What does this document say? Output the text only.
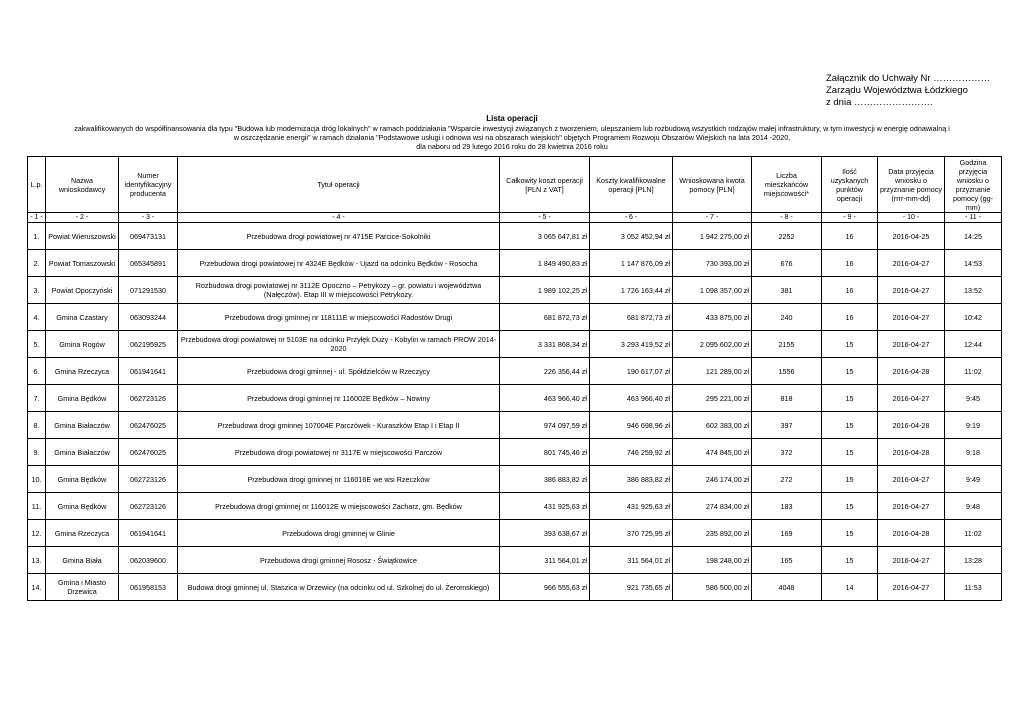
Załącznik do Uchwały Nr ………………
Zarządu Województwa Łódzkiego
z dnia …………………….
Lista operacji
zakwalifikowanych do współfinansowania dla typu "Budowa lub modernizacja dróg lokalnych" w ramach poddziałania "Wsparcie inwestycji związanych z tworzeniem, ulepszaniem lub rozbudową wszystkich rodzajów małej infrastruktury, w tym inwestycji w energię odnawialną i
w oszczędzanie energii" w ramach działania "Podstawowe usługi i odnowa wsi na obszarach wiejskich" objętych Programem Rozwoju Obszarów Wiejskich na lata 2014 -2020,
dla naboru od 29 lutego 2016 roku do 28 kwietnia 2016 roku
L.p.	Nazwa wnioskodawcy	Numer identyfikacyjny producenta	Tytuł operacji	Całkowity koszt operacji [PLN z VAT]	Koszty kwalifikowalne operacji [PLN]	Wnioskowana kwota pomocy [PLN]	Liczba mieszkańców miejscowości*	Ilość uzyskanych punktów operacji	Data przyjęcia wniosku o przyznanie pomocy (rrrr-mm-dd)	Godzina przyjęcia wniosku o przyznanie pomocy (gg-mm)
- 1 -	- 2 -	- 3 -	- 4 -	- 5 -	- 6 -	- 7 -	- 8 -	- 9 -	- 10 -	- 11 -
1.	Powiat Wieruszowski	069473131	Przebudowa drogi powiatowej nr 4715E Parcice-Sokolniki	3 065 647,81 zł	3 052 452,94 zł	1 942 275,00 zł	2252	16	2016-04-25	14:25
2.	Powiat Tomaszowski	065345891	Przebudowa drogi powiatowej nr 4324E Będków - Ujazd na odcinku Będków - Rosocha	1 849 490,83 zł	1 147 876,09 zł	730 393,00 zł	676	16	2016-04-27	14:53
3.	Powiat Opoczyński	071291530	Rozbudowa drogi powiatowej nr 3112E Opoczno – Petrykozy – gr. powiatu i województwa (Nałęczów). Etap III w miejscowości Petrykozy.	1 989 102,25 zł	1 726 163,44 zł	1 098 357,00 zł	381	16	2016-04-27	13:52
4.	Gmina Czastary	063093244	Przebudowa drogi gminnej nr 118111E w miejscowości Radostów Drugi	681 872,73 zł	681 872,73 zł	433 875,00 zł	240	16	2016-04-27	10:42
5.	Gmina Rogów	062195925	Przebudowa drogi powiatowej nr 5103E na odcinku Przyłęk Duży - Kobylin w ramach PROW 2014-2020	3 331 868,34 zł	3 293 419,52 zł	2 095 602,00 zł	2155	15	2016-04-27	12:44
6.	Gmina Rzeczyca	061941641	Przebudowa drogi gminnej - ul. Spółdzielców w Rzeczycy	226 356,44 zł	190 617,07 zł	121 289,00 zł	1556	15	2016-04-28	11:02
7.	Gmina Będków	062723126	Przebudowa drogi gminnej nr 116002E Będków – Nowiny	463 966,40 zł	463 966,40 zł	295 221,00 zł	818	15	2016-04-27	9:45
8.	Gmina Białaczów	062476025	Przebudowa drogi gminnej 107004E Parczówek - Kuraszków Etap I i Etap II	974 097,59 zł	946 698,96 zł	602 383,00 zł	397	15	2016-04-28	9:19
9.	Gmina Białaczów	062476025	Przebudowa drogi powiatowej nr 3117E w miejscowości Parczów	801 745,46 zł	746 259,92 zł	474 845,00 zł	372	15	2016-04-28	9:18
10.	Gmina Będków	062723126	Przebudowa drogi gminnej nr 116016E we wsi Rzeczków	386 883,82 zł	386 883,82 zł	246 174,00 zł	272	15	2016-04-27	9:49
11.	Gmina Będków	062723126	Przebudowa drogi gminnej nr 116012E w miejscowości Zacharz, gm. Będków	431 925,63 zł	431 925,63 zł	274 834,00 zł	183	15	2016-04-27	9:48
12.	Gmina Rzeczyca	061941641	Przebudowa drogi gminnej w Glinie	393 638,67 zł	370 725,95 zł	235 892,00 zł	169	15	2016-04-28	11:02
13.	Gmina Biała	062039600	Przebudowa drogi gminnej Rososz - Świątkowice	311 564,01 zł	311 564,01 zł	198 248,00 zł	165	15	2016-04-27	13:28
14.	Gmina i Miasto Drzewica	061958153	Budowa drogi gminnej ul. Staszica w Drzewicy (na odcinku od ul. Szkolnej do ul. Żeromskiego)	966 555,63 zł	921 735,65 zł	586 500,00 zł	4048	14	2016-04-27	11:53
